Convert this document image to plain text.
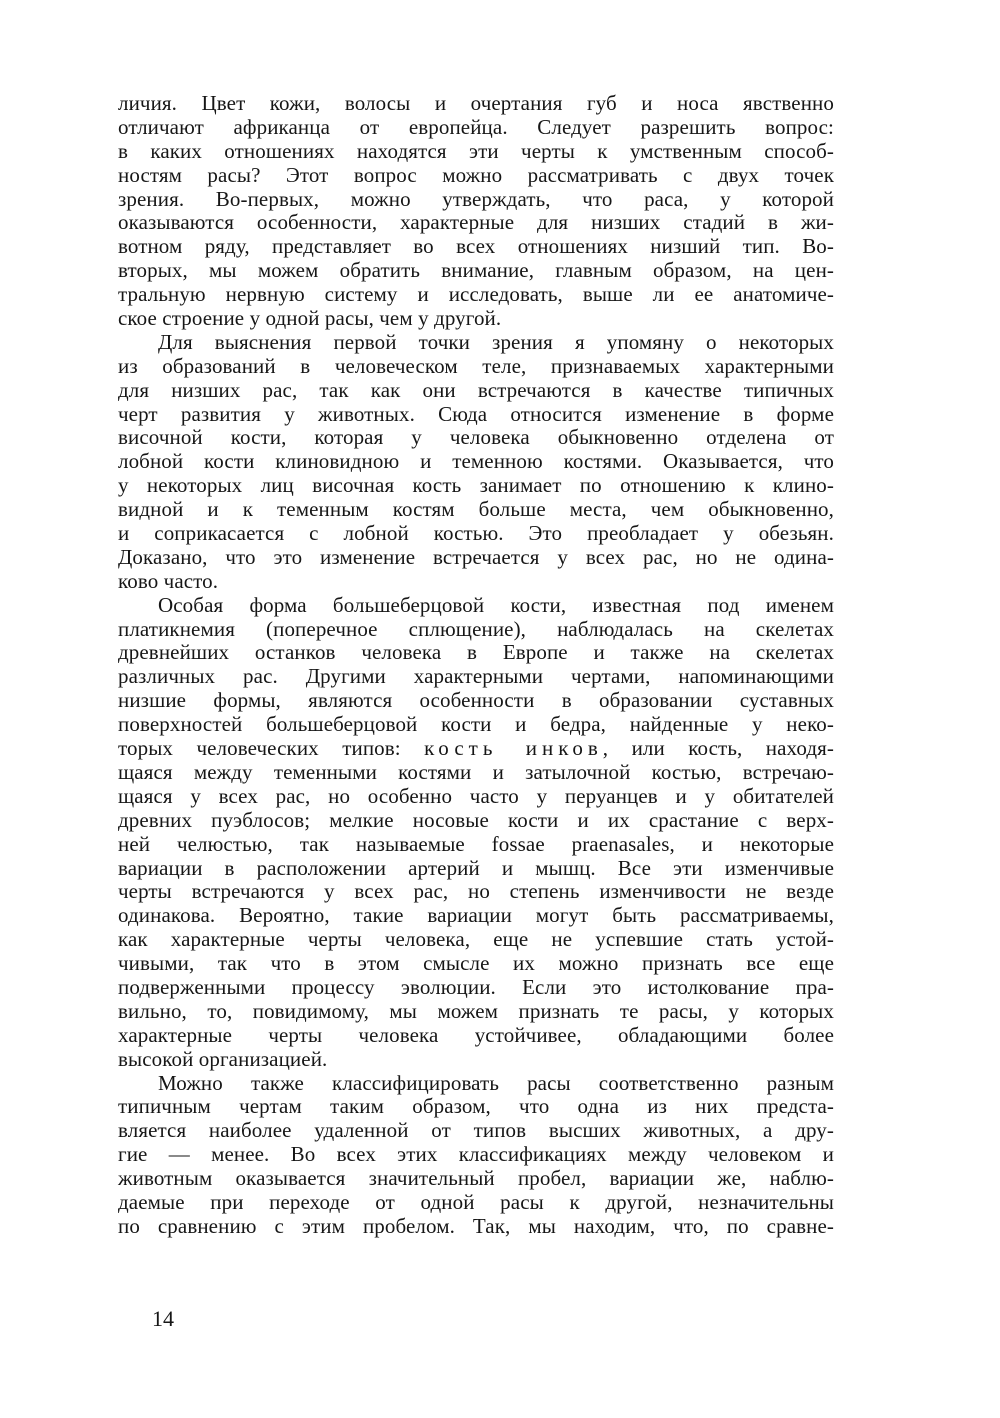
личия. Цвет кожи, волосы и очертания губ и носа явственно
отличают африканца от европейца. Следует разрешить вопрос:
в каких отношениях находятся эти черты к умственным способ-
ностям расы? Этот вопрос можно рассматривать с двух точек
зрения. Во-первых, можно утверждать, что раса, у которой
оказываются особенности, характерные для низших стадий в жи-
вотном ряду, представляет во всех отношениях низший тип. Во-
вторых, мы можем обратить внимание, главным образом, на цен-
тральную нервную систему и исследовать, выше ли ее анатомиче-
ское строение у одной расы, чем у другой.
Для выяснения первой точки зрения я упомяну о некоторых
из образований в человеческом теле, признаваемых характерными
для низших рас, так как они встречаются в качестве типичных
черт развития у животных. Сюда относится изменение в форме
височной кости, которая у человека обыкновенно отделена от
лобной кости клиновидною и теменною костями. Оказывается, что
у некоторых лиц височная кость занимает по отношению к клино-
видной и к теменным костям больше места, чем обыкновенно,
и соприкасается с лобной костью. Это преобладает у обезьян.
Доказано, что это изменение встречается у всех рас, но не одина-
ково часто.
Особая форма большеберцовой кости, известная под именем
платикнемия (поперечное сплющение), наблюдалась на скелетах
древнейших останков человека в Европе и также на скелетах
различных рас. Другими характерными чертами, напоминающими
низшие формы, являются особенности в образовании суставных
поверхностей большеберцовой кости и бедра, найденные у неко-
торых человеческих типов: кость инков, или кость, находя-
щаяся между теменными костями и затылочной костью, встречаю-
щаяся у всех рас, но особенно часто у перуанцев и у обитателей
древних пуэблосов; мелкие носовые кости и их срастание с верх-
ней челюстью, так называемые fossae praenasales, и некоторые
вариации в расположении артерий и мышц. Все эти изменчивые
черты встречаются у всех рас, но степень изменчивости не везде
одинакова. Вероятно, такие вариации могут быть рассматриваемы,
как характерные черты человека, еще не успевшие стать устой-
чивыми, так что в этом смысле их можно признать все еще
подверженными процессу эволюции. Если это истолкование пра-
вильно, то, повидимому, мы можем признать те расы, у которых
характерные черты человека устойчивее, обладающими более
высокой организацией.
Можно также классифицировать расы соответственно разным
типичным чертам таким образом, что одна из них предста-
вляется наиболее удаленной от типов высших животных, а дру-
гие — менее. Во всех этих классификациях между человеком и
животным оказывается значительный пробел, вариации же, наблю-
даемые при переходе от одной расы к другой, незначительны
по сравнению с этим пробелом. Так, мы находим, что, по сравне-
14
